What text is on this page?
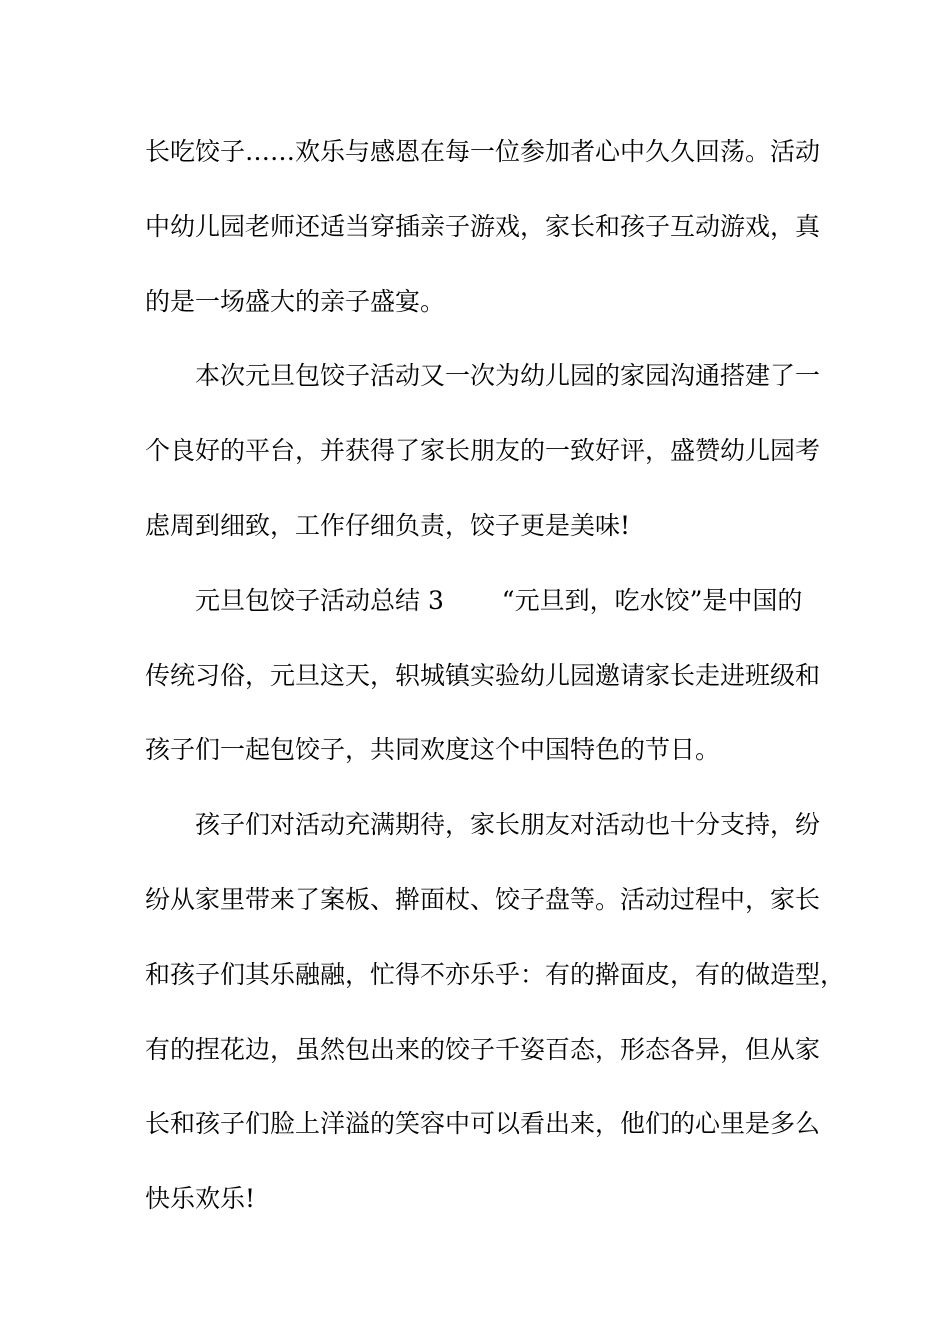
长吃饺子……欢乐与感恩在每一位参加者心中久久回荡。活动
中幼儿园老师还适当穿插亲子游戏，家长和孩子互动游戏，真
的是一场盛大的亲子盛宴。
本次元旦包饺子活动又一次为幼儿园的家园沟通搭建了一
个良好的平台，并获得了家长朋友的一致好评，盛赞幼儿园考
虑周到细致，工作仔细负责，饺子更是美味!
元旦包饺子活动总结 3　　 “元旦到，吃水饺”是中国的
传统习俗，元旦这天，轵城镇实验幼儿园邀请家长走进班级和
孩子们一起包饺子，共同欢度这个中国特色的节日。
孩子们对活动充满期待，家长朋友对活动也十分支持，纷
纷从家里带来了案板、擀面杖、饺子盘等。活动过程中，家长
和孩子们其乐融融，忙得不亦乐乎：有的擀面皮，有的做造型，
有的捏花边，虽然包出来的饺子千姿百态，形态各异，但从家
长和孩子们脸上洋溢的笑容中可以看出来，他们的心里是多么
快乐欢乐!
